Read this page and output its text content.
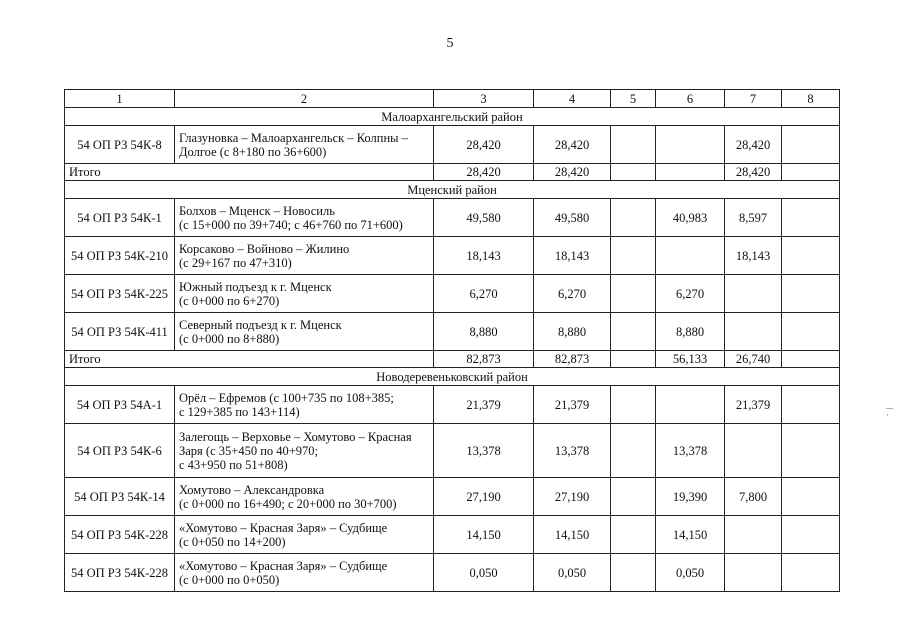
5
1	2	3	4	5	6	7	8
Малоархангельский район							
54 ОП РЗ 54К-8	Глазуновка – Малоархангельск – Колпны –
Долгое (с 8+180 по 36+600)	28,420	28,420			28,420	
Итого		28,420	28,420			28,420	
Мценский район							
54 ОП РЗ 54К-1	Болхов – Мценск – Новосиль
(с 15+000 по 39+740; с 46+760 по 71+600)	49,580	49,580		40,983	8,597	
54 ОП РЗ 54К-210	Корсаково – Войново – Жилино
(с 29+167 по 47+310)	18,143	18,143			18,143	
54 ОП РЗ 54К-225	Южный подъезд к г. Мценск
(с 0+000 по 6+270)	6,270	6,270		6,270		
54 ОП РЗ 54К-411	Северный подъезд к г. Мценск
(с 0+000 по 8+880)	8,880	8,880		8,880		
Итого		82,873	82,873		56,133	26,740	
Новодеревеньковский район							
54 ОП РЗ 54А-1	Орёл – Ефремов (с 100+735 по 108+385;
с 129+385 по 143+114)	21,379	21,379			21,379	
54 ОП РЗ 54К-6	Залегощь – Верховье – Хомутово – Красная
Заря (с 35+450 по 40+970;
с 43+950 по 51+808)	13,378	13,378		13,378		
54 ОП РЗ 54К-14	Хомутово – Александровка
(с 0+000 по 16+490; с 20+000 по 30+700)	27,190	27,190		19,390	7,800	
54 ОП РЗ 54К-228	«Хомутово – Красная Заря» – Судбище
(с 0+050 по 14+200)	14,150	14,150		14,150		
54 ОП РЗ 54К-228	«Хомутово – Красная Заря» – Судбище
(с 0+000 по 0+050)	0,050	0,050		0,050		
‿ ·
